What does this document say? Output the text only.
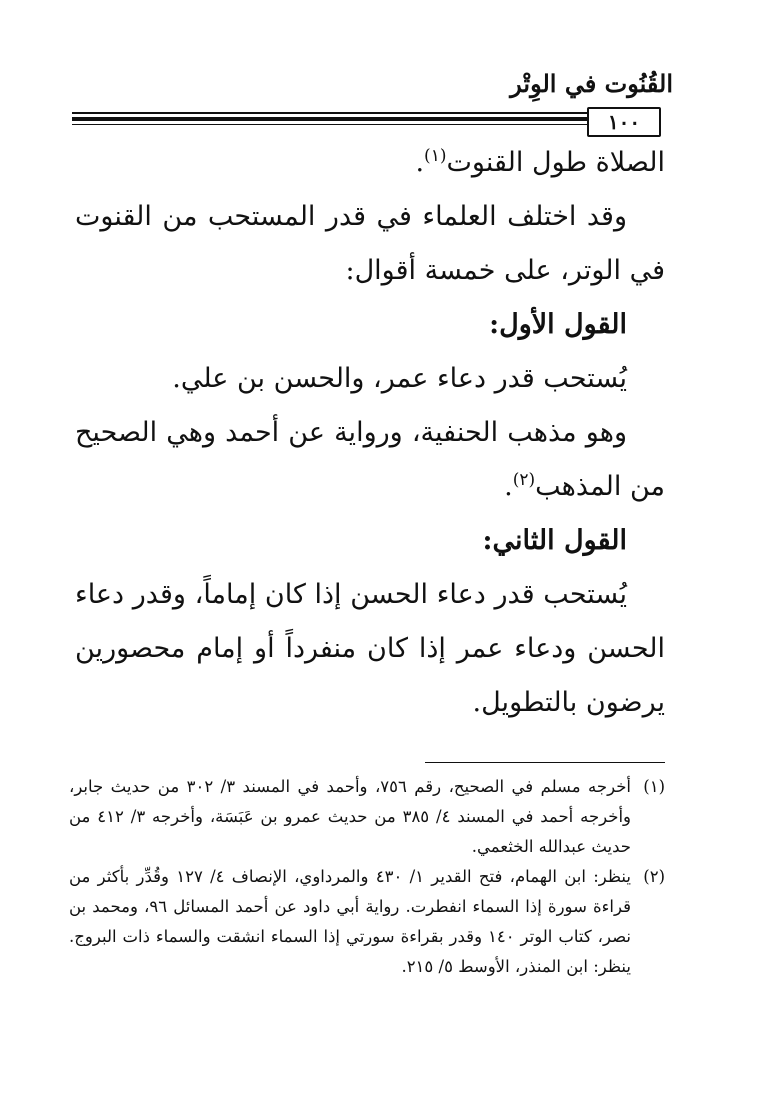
القُنُوت في الوِتْر
١٠٠

الصلاة طول القنوت$^{(١)}$.

وقد اختلف العلماء في قدر المستحب من القنوت في الوتر، على خمسة أقوال:

القول الأول:

يُستحب قدر دعاء عمر، والحسن بن علي.

وهو مذهب الحنفية، ورواية عن أحمد وهي الصحيح من المذهب$^{(٢)}$.

القول الثاني:

يُستحب قدر دعاء الحسن إذا كان إماماً، وقدر دعاء الحسن ودعاء عمر إذا كان منفرداً أو إمام محصورين يرضون بالتطويل.

(١)
أخرجه مسلم في الصحيح، رقم ٧٥٦، وأحمد في المسند ٣/ ٣٠٢ من حديث جابر، وأخرجه أحمد في المسند ٤/ ٣٨٥ من حديث عمرو بن عَبَسَة، وأخرجه ٣/ ٤١٢ من حديث عبدالله الخثعمي.

(٢)
ينظر: ابن الهمام، فتح القدير ١/ ٤٣٠ والمرداوي، الإنصاف ٤/ ١٢٧ وقُدِّر بأكثر من قراءة سورة إذا السماء انفطرت. رواية أبي داود عن أحمد المسائل ٩٦، ومحمد بن نصر، كتاب الوتر ١٤٠ وقدر بقراءة سورتي إذا السماء انشقت والسماء ذات البروج. ينظر: ابن المنذر، الأوسط ٥/ ٢١٥.
